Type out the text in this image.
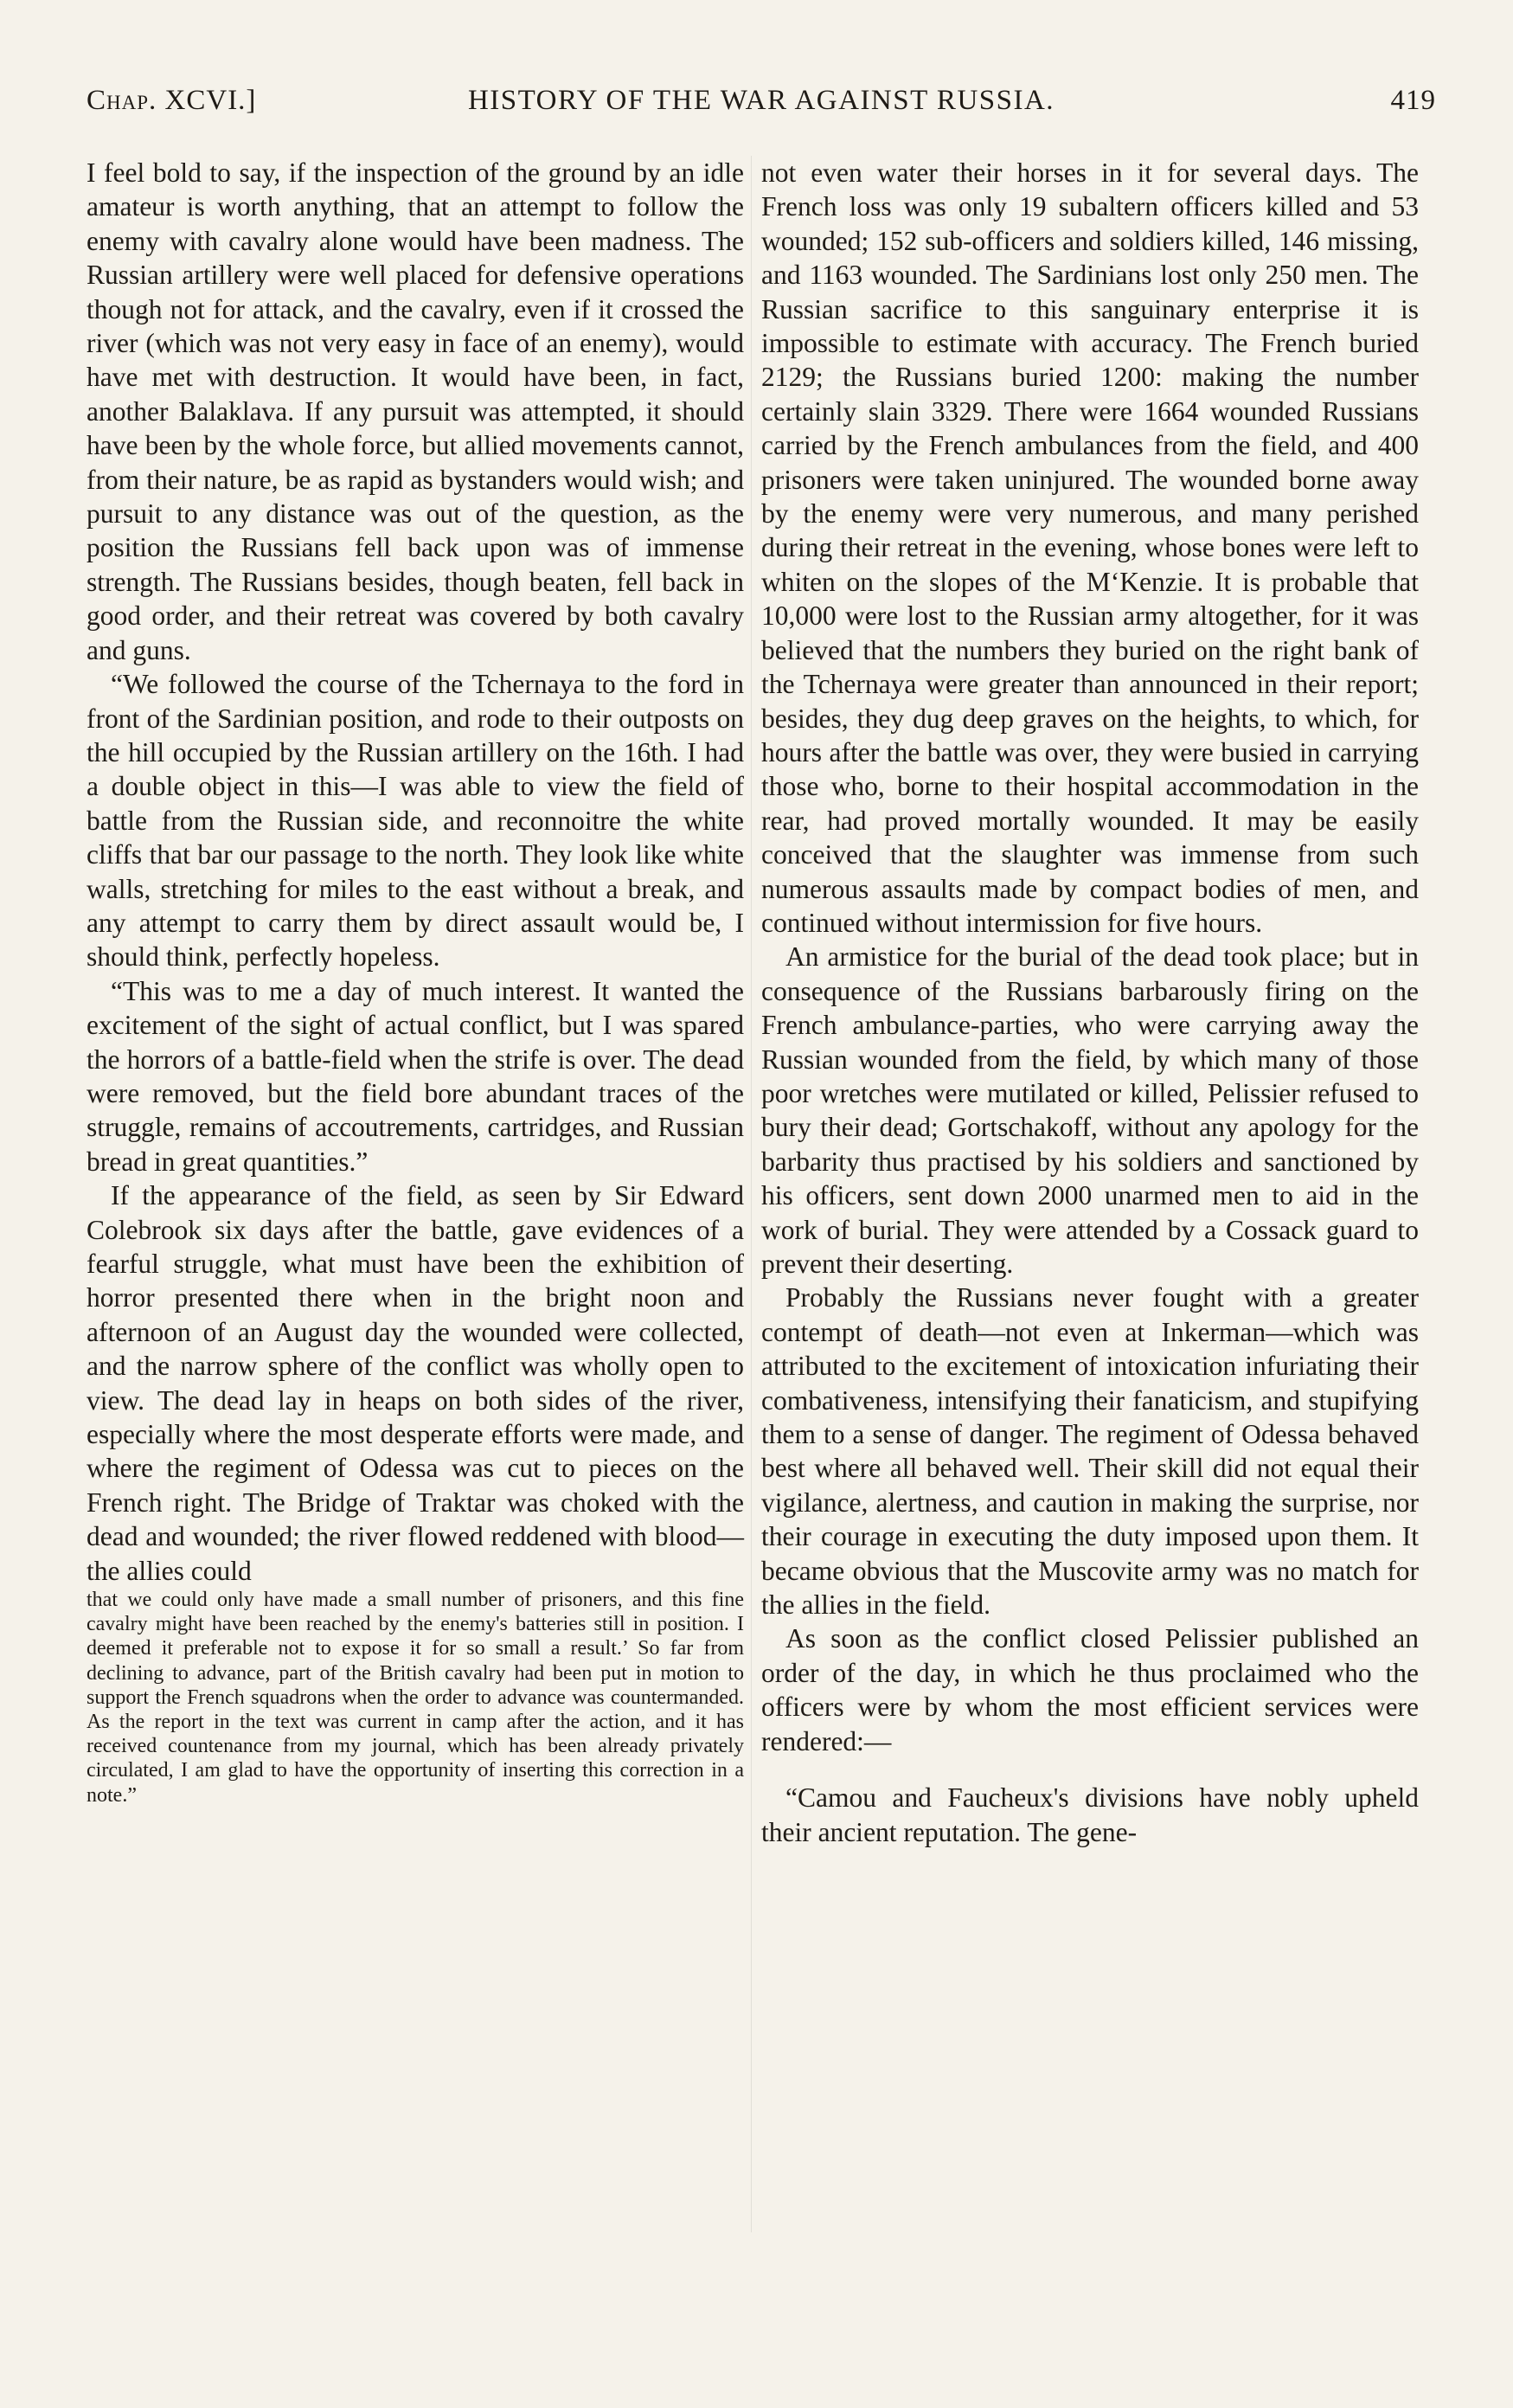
Chap. XCVI.]	HISTORY OF THE WAR AGAINST RUSSIA.	419

I feel bold to say, if the inspection of the ground by an idle amateur is worth anything, that an attempt to follow the enemy with cavalry alone would have been madness. The Russian artillery were well placed for defensive operations though not for attack, and the cavalry, even if it crossed the river (which was not very easy in face of an enemy), would have met with destruction. It would have been, in fact, another Balaklava. If any pursuit was attempted, it should have been by the whole force, but allied movements cannot, from their nature, be as rapid as bystanders would wish; and pursuit to any distance was out of the question, as the position the Russians fell back upon was of immense strength. The Russians besides, though beaten, fell back in good order, and their retreat was covered by both cavalry and guns.

“We followed the course of the Tchernaya to the ford in front of the Sardinian position, and rode to their outposts on the hill occupied by the Russian artillery on the 16th. I had a double object in this—I was able to view the field of battle from the Russian side, and reconnoitre the white cliffs that bar our passage to the north. They look like white walls, stretching for miles to the east without a break, and any attempt to carry them by direct assault would be, I should think, perfectly hopeless.

“This was to me a day of much interest. It wanted the excitement of the sight of actual conflict, but I was spared the horrors of a battle-field when the strife is over. The dead were removed, but the field bore abundant traces of the struggle, remains of accoutrements, cartridges, and Russian bread in great quantities.”

If the appearance of the field, as seen by Sir Edward Colebrook six days after the battle, gave evidences of a fearful struggle, what must have been the exhibition of horror presented there when in the bright noon and afternoon of an August day the wounded were collected, and the narrow sphere of the conflict was wholly open to view. The dead lay in heaps on both sides of the river, especially where the most desperate efforts were made, and where the regiment of Odessa was cut to pieces on the French right. The Bridge of Traktar was choked with the dead and wounded; the river flowed reddened with blood—the allies could

that we could only have made a small number of prisoners, and this fine cavalry might have been reached by the enemy's batteries still in position. I deemed it preferable not to expose it for so small a result.’ So far from declining to advance, part of the British cavalry had been put in motion to support the French squadrons when the order to advance was countermanded. As the report in the text was current in camp after the action, and it has received countenance from my journal, which has been already privately circulated, I am glad to have the opportunity of inserting this correction in a note.”

not even water their horses in it for several days. The French loss was only 19 subaltern officers killed and 53 wounded; 152 sub-officers and soldiers killed, 146 missing, and 1163 wounded. The Sardinians lost only 250 men. The Russian sacrifice to this sanguinary enterprise it is impossible to estimate with accuracy. The French buried 2129; the Russians buried 1200: making the number certainly slain 3329. There were 1664 wounded Russians carried by the French ambulances from the field, and 400 prisoners were taken uninjured. The wounded borne away by the enemy were very numerous, and many perished during their retreat in the evening, whose bones were left to whiten on the slopes of the M‘Kenzie. It is probable that 10,000 were lost to the Russian army altogether, for it was believed that the numbers they buried on the right bank of the Tchernaya were greater than announced in their report; besides, they dug deep graves on the heights, to which, for hours after the battle was over, they were busied in carrying those who, borne to their hospital accommodation in the rear, had proved mortally wounded. It may be easily conceived that the slaughter was immense from such numerous assaults made by compact bodies of men, and continued without intermission for five hours.

An armistice for the burial of the dead took place; but in consequence of the Russians barbarously firing on the French ambulance-parties, who were carrying away the Russian wounded from the field, by which many of those poor wretches were mutilated or killed, Pelissier refused to bury their dead; Gortschakoff, without any apology for the barbarity thus practised by his soldiers and sanctioned by his officers, sent down 2000 unarmed men to aid in the work of burial. They were attended by a Cossack guard to prevent their deserting.

Probably the Russians never fought with a greater contempt of death—not even at Inkerman—which was attributed to the excitement of intoxication infuriating their combativeness, intensifying their fanaticism, and stupifying them to a sense of danger. The regiment of Odessa behaved best where all behaved well. Their skill did not equal their vigilance, alertness, and caution in making the surprise, nor their courage in executing the duty imposed upon them. It became obvious that the Muscovite army was no match for the allies in the field.

As soon as the conflict closed Pelissier published an order of the day, in which he thus proclaimed who the officers were by whom the most efficient services were rendered:—

“Camou and Faucheux's divisions have nobly upheld their ancient reputation. The gene-
